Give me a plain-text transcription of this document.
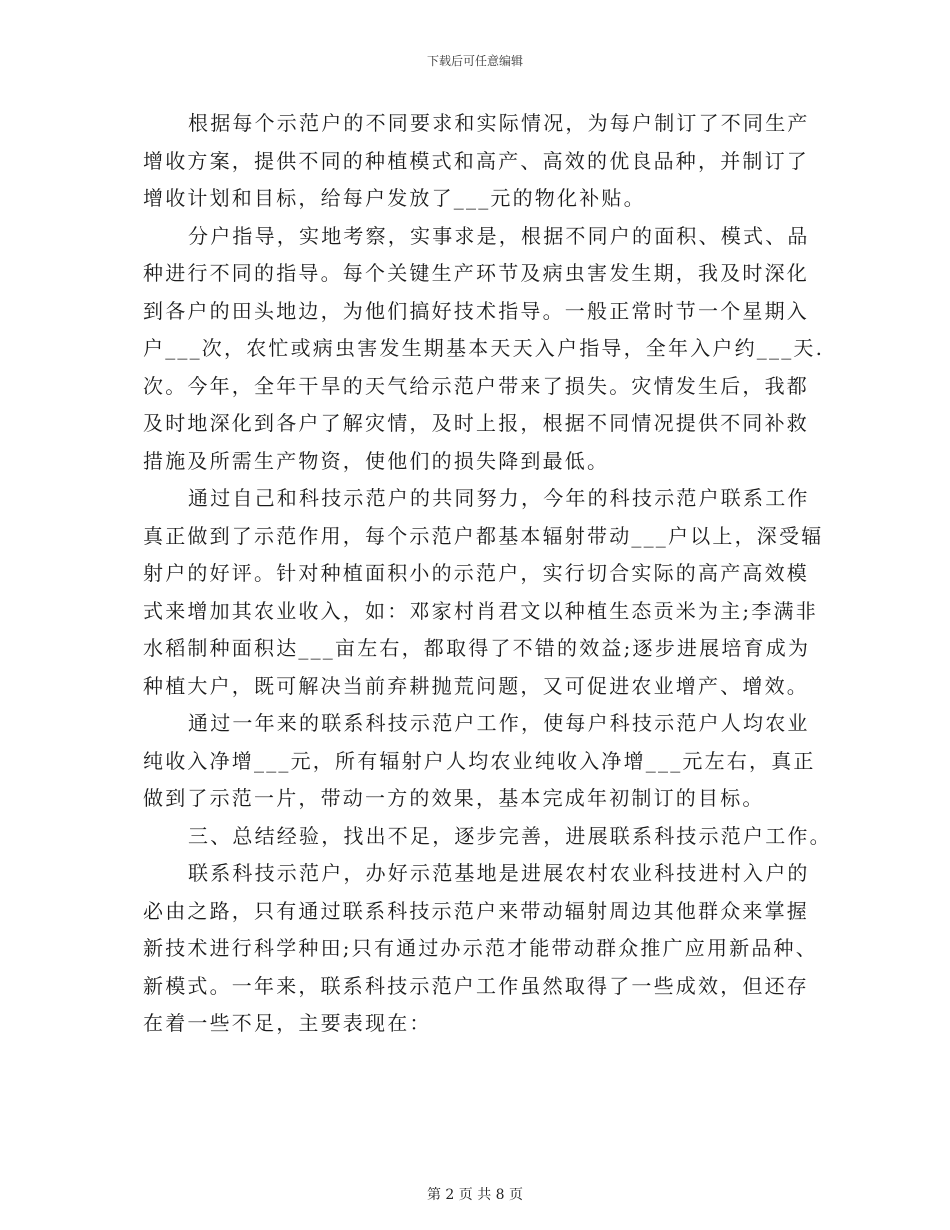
下载后可任意编辑
根据每个示范户的不同要求和实际情况，为每户制订了不同生产
增收方案，提供不同的种植模式和高产、高效的优良品种，并制订了
增收计划和目标，给每户发放了___元的物化补贴。
分户指导，实地考察，实事求是，根据不同户的面积、模式、品
种进行不同的指导。每个关键生产环节及病虫害发生期，我及时深化
到各户的田头地边，为他们搞好技术指导。一般正常时节一个星期入
户___次，农忙或病虫害发生期基本天天入户指导，全年入户约___天.
次。今年，全年干旱的天气给示范户带来了损失。灾情发生后，我都
及时地深化到各户了解灾情，及时上报，根据不同情况提供不同补救
措施及所需生产物资，使他们的损失降到最低。
通过自己和科技示范户的共同努力，今年的科技示范户联系工作
真正做到了示范作用，每个示范户都基本辐射带动___户以上，深受辐
射户的好评。针对种植面积小的示范户，实行切合实际的高产高效模
式来增加其农业收入，如：邓家村肖君文以种植生态贡米为主;李满非
水稻制种面积达___亩左右，都取得了不错的效益;逐步进展培育成为
种植大户，既可解决当前弃耕抛荒问题，又可促进农业增产、增效。
通过一年来的联系科技示范户工作，使每户科技示范户人均农业
纯收入净增___元，所有辐射户人均农业纯收入净增___元左右，真正
做到了示范一片，带动一方的效果，基本完成年初制订的目标。
三、总结经验，找出不足，逐步完善，进展联系科技示范户工作。
联系科技示范户，办好示范基地是进展农村农业科技进村入户的
必由之路，只有通过联系科技示范户来带动辐射周边其他群众来掌握
新技术进行科学种田;只有通过办示范才能带动群众推广应用新品种、
新模式。一年来，联系科技示范户工作虽然取得了一些成效，但还存
在着一些不足，主要表现在：
第 2 页 共 8 页
